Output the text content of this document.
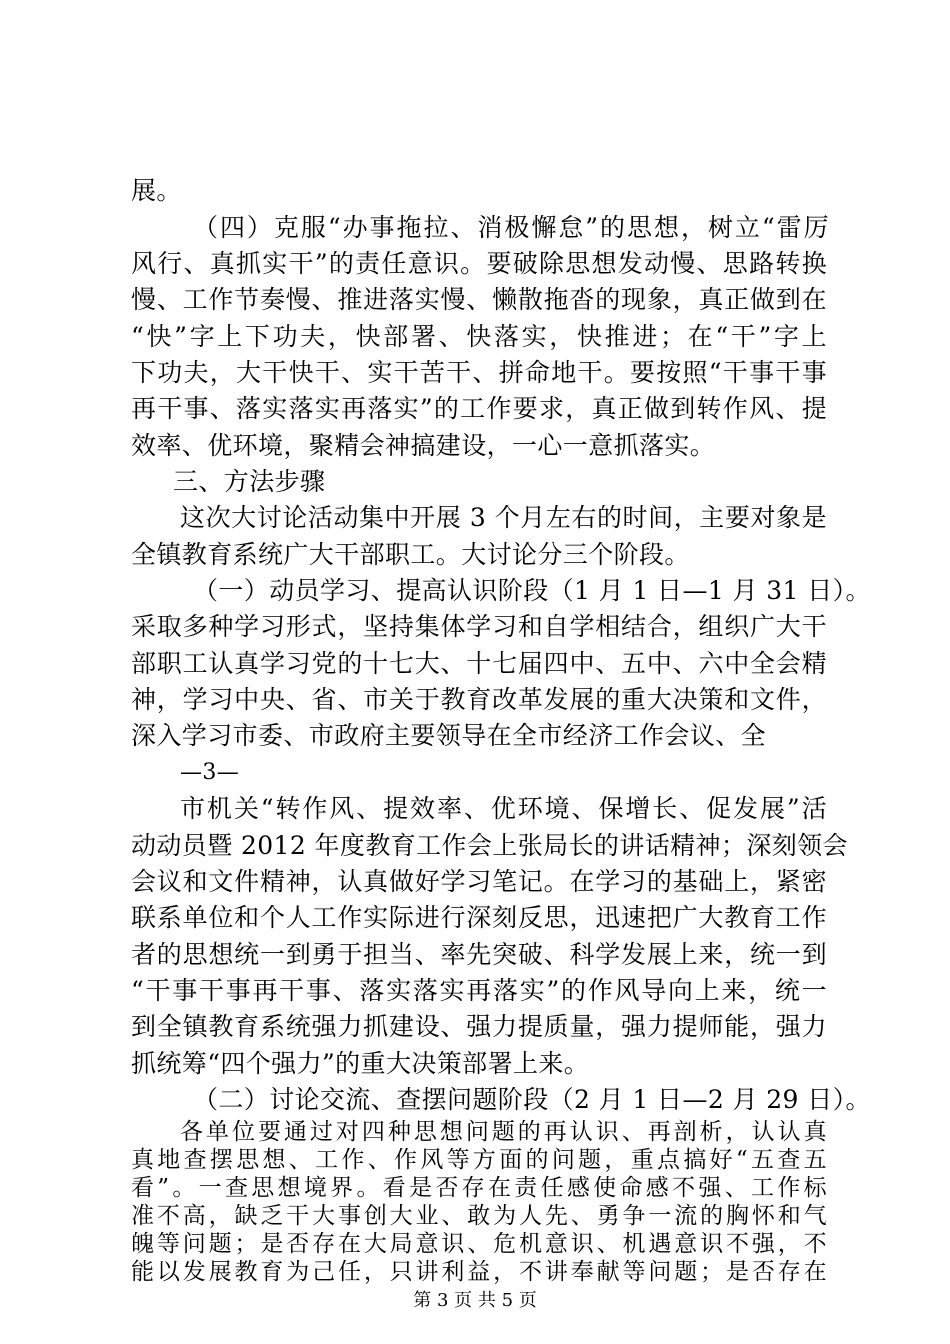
展。
（四）克服“办事拖拉、消极懈怠”的思想，树立“雷厉
风行、真抓实干”的责任意识。要破除思想发动慢、思路转换
慢、工作节奏慢、推进落实慢、懒散拖沓的现象，真正做到在
“快”字上下功夫，快部署、快落实，快推进；在“干”字上
下功夫，大干快干、实干苦干、拼命地干。要按照“干事干事
再干事、落实落实再落实”的工作要求，真正做到转作风、提
效率、优环境，聚精会神搞建设，一心一意抓落实。
三、方法步骤
这次大讨论活动集中开展 3 个月左右的时间，主要对象是
全镇教育系统广大干部职工。大讨论分三个阶段。
（一）动员学习、提高认识阶段（1 月 1 日—1 月 31 日）。
采取多种学习形式，坚持集体学习和自学相结合，组织广大干
部职工认真学习党的十七大、十七届四中、五中、六中全会精
神，学习中央、省、市关于教育改革发展的重大决策和文件，
深入学习市委、市政府主要领导在全市经济工作会议、全
—3—
市机关“转作风、提效率、优环境、保增长、促发展”活
动动员暨 2012 年度教育工作会上张局长的讲话精神；深刻领会
会议和文件精神，认真做好学习笔记。在学习的基础上，紧密
联系单位和个人工作实际进行深刻反思，迅速把广大教育工作
者的思想统一到勇于担当、率先突破、科学发展上来，统一到
“干事干事再干事、落实落实再落实”的作风导向上来，统一
到全镇教育系统强力抓建设、强力提质量，强力提师能，强力
抓统筹“四个强力”的重大决策部署上来。
（二）讨论交流、查摆问题阶段（2 月 1 日—2 月 29 日）。
各单位要通过对四种思想问题的再认识、再剖析，认认真
真地查摆思想、工作、作风等方面的问题，重点搞好“五查五
看”。一查思想境界。看是否存在责任感使命感不强、工作标
准不高，缺乏干大事创大业、敢为人先、勇争一流的胸怀和气
魄等问题；是否存在大局意识、危机意识、机遇意识不强，不
能以发展教育为己任，只讲利益，不讲奉献等问题；是否存在
第 3 页 共 5 页
